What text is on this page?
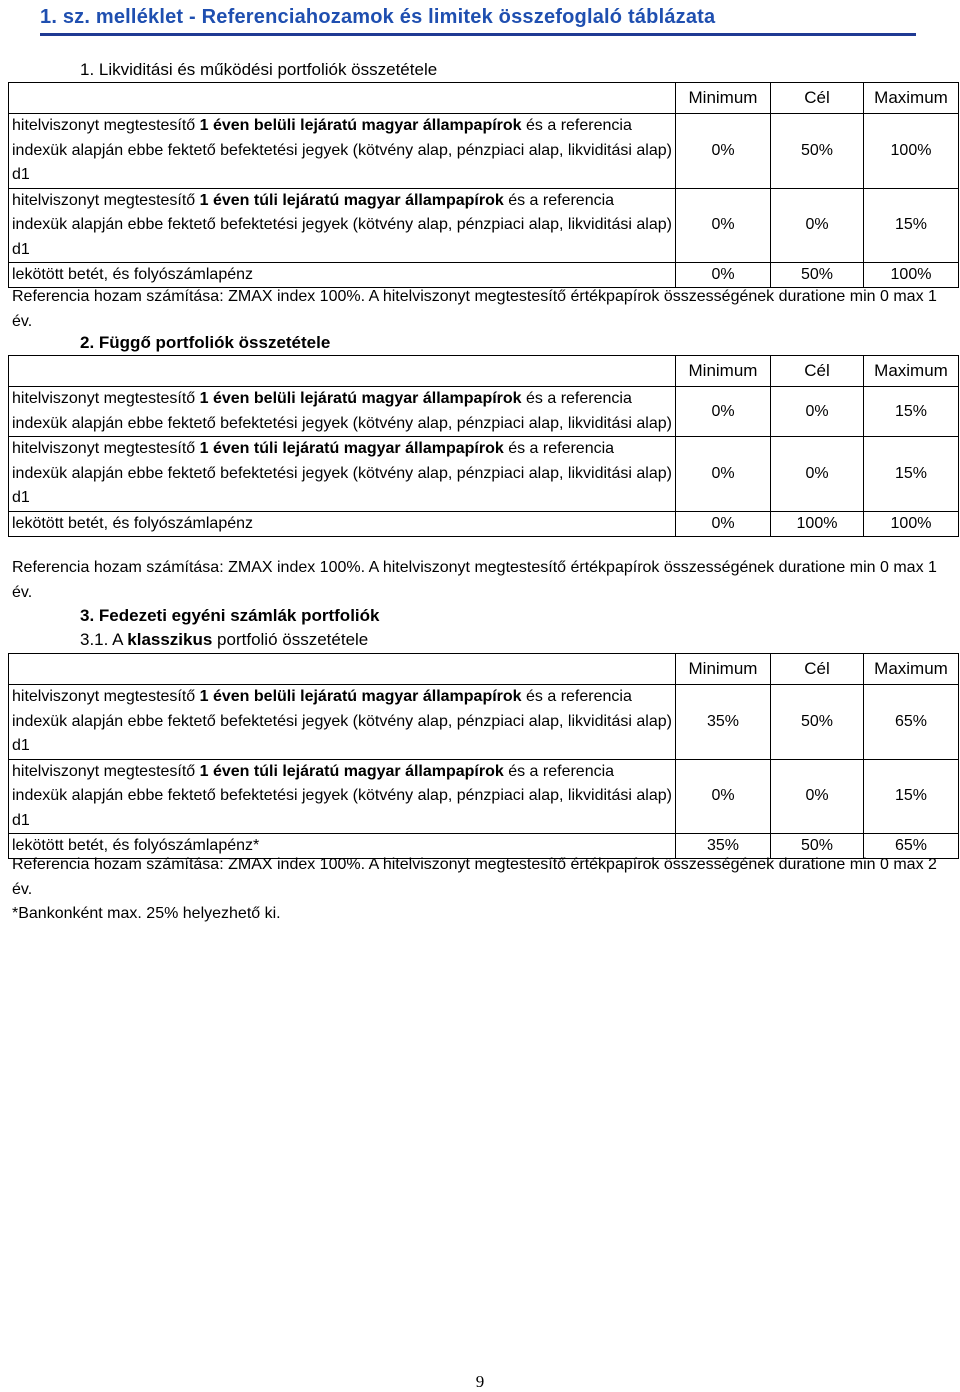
1. sz. melléklet - Referenciahozamok és limitek összefoglaló táblázata
1. Likviditási és működési portfoliók összetétele
	Minimum	Cél	Maximum
hitelviszonyt megtestesítő 1 éven belüli lejáratú magyar állampapírok és a referencia indexük alapján ebbe fektető befektetési jegyek (kötvény alap, pénzpiaci alap, likviditási alap) d1	0%	50%	100%
hitelviszonyt megtestesítő 1 éven túli lejáratú magyar állampapírok és a referencia indexük alapján ebbe fektető befektetési jegyek (kötvény alap, pénzpiaci alap, likviditási alap) d1	0%	0%	15%
lekötött betét, és folyószámlapénz	0%	50%	100%
Referencia hozam számítása: ZMAX index 100%. A hitelviszonyt megtestesítő értékpapírok összességének duratione min 0 max 1 év.
2. Függő portfoliók összetétele
	Minimum	Cél	Maximum
hitelviszonyt megtestesítő 1 éven belüli lejáratú magyar állampapírok és a referencia indexük alapján ebbe fektető befektetési jegyek (kötvény alap, pénzpiaci alap, likviditási alap)	0%	0%	15%
hitelviszonyt megtestesítő 1 éven túli lejáratú magyar állampapírok és a referencia indexük alapján ebbe fektető befektetési jegyek (kötvény alap, pénzpiaci alap, likviditási alap) d1	0%	0%	15%
lekötött betét, és folyószámlapénz	0%	100%	100%
Referencia hozam számítása: ZMAX index 100%. A hitelviszonyt megtestesítő értékpapírok összességének duratione min 0 max 1 év.
3. Fedezeti egyéni számlák portfoliók
3.1. A klasszikus portfolió összetétele
	Minimum	Cél	Maximum
hitelviszonyt megtestesítő 1 éven belüli lejáratú magyar állampapírok és a referencia indexük alapján ebbe fektető befektetési jegyek (kötvény alap, pénzpiaci alap, likviditási alap) d1	35%	50%	65%
hitelviszonyt megtestesítő 1 éven túli lejáratú magyar állampapírok és a referencia indexük alapján ebbe fektető befektetési jegyek (kötvény alap, pénzpiaci alap, likviditási alap) d1	0%	0%	15%
lekötött betét, és folyószámlapénz*	35%	50%	65%
Referencia hozam számítása: ZMAX index 100%. A hitelviszonyt megtestesítő értékpapírok összességének duratione min 0 max 2 év.
*Bankonként max. 25% helyezhető ki.
9
